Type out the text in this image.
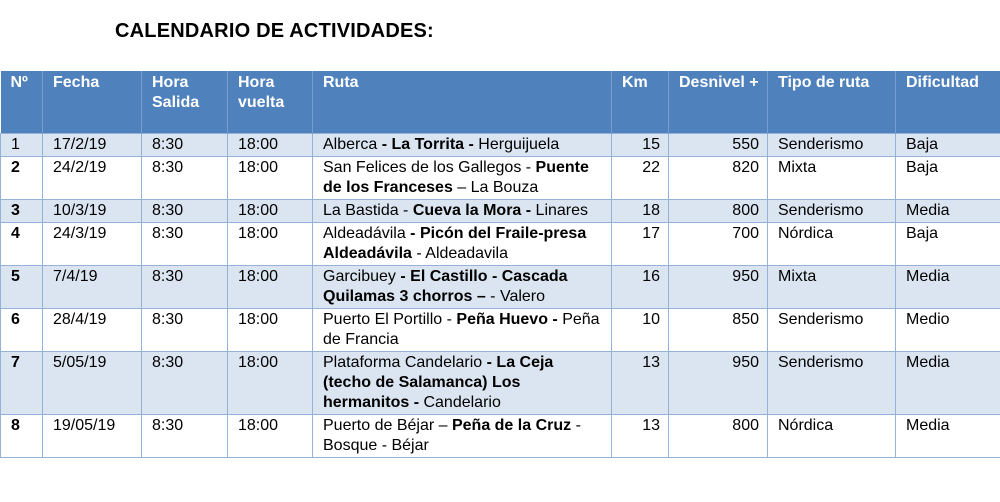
CALENDARIO DE ACTIVIDADES:
Nº	Fecha	Hora Salida	Hora vuelta	Ruta	Km	Desnivel +	Tipo de ruta	Dificultad
1	17/2/19	8:30	18:00	Alberca - La Torrita - Herguijuela	15	550	Senderismo	Baja
2	24/2/19	8:30	18:00	San Felices de los Gallegos - Puente de los Franceses – La Bouza	22	820	Mixta	Baja
3	10/3/19	8:30	18:00	La Bastida - Cueva la Mora - Linares	18	800	Senderismo	Media
4	24/3/19	8:30	18:00	Aldeadávila - Picón del Fraile-presa Aldeadávila - Aldeadavila	17	700	Nórdica	Baja
5	7/4/19	8:30	18:00	Garcibuey - El Castillo - Cascada Quilamas 3 chorros – - Valero	16	950	Mixta	Media
6	28/4/19	8:30	18:00	Puerto El Portillo - Peña Huevo - Peña de Francia	10	850	Senderismo	Medio
7	5/05/19	8:30	18:00	Plataforma Candelario - La Ceja (techo de Salamanca) Los hermanitos - Candelario	13	950	Senderismo	Media
8	19/05/19	8:30	18:00	Puerto de Béjar – Peña de la Cruz - Bosque - Béjar	13	800	Nórdica	Media
